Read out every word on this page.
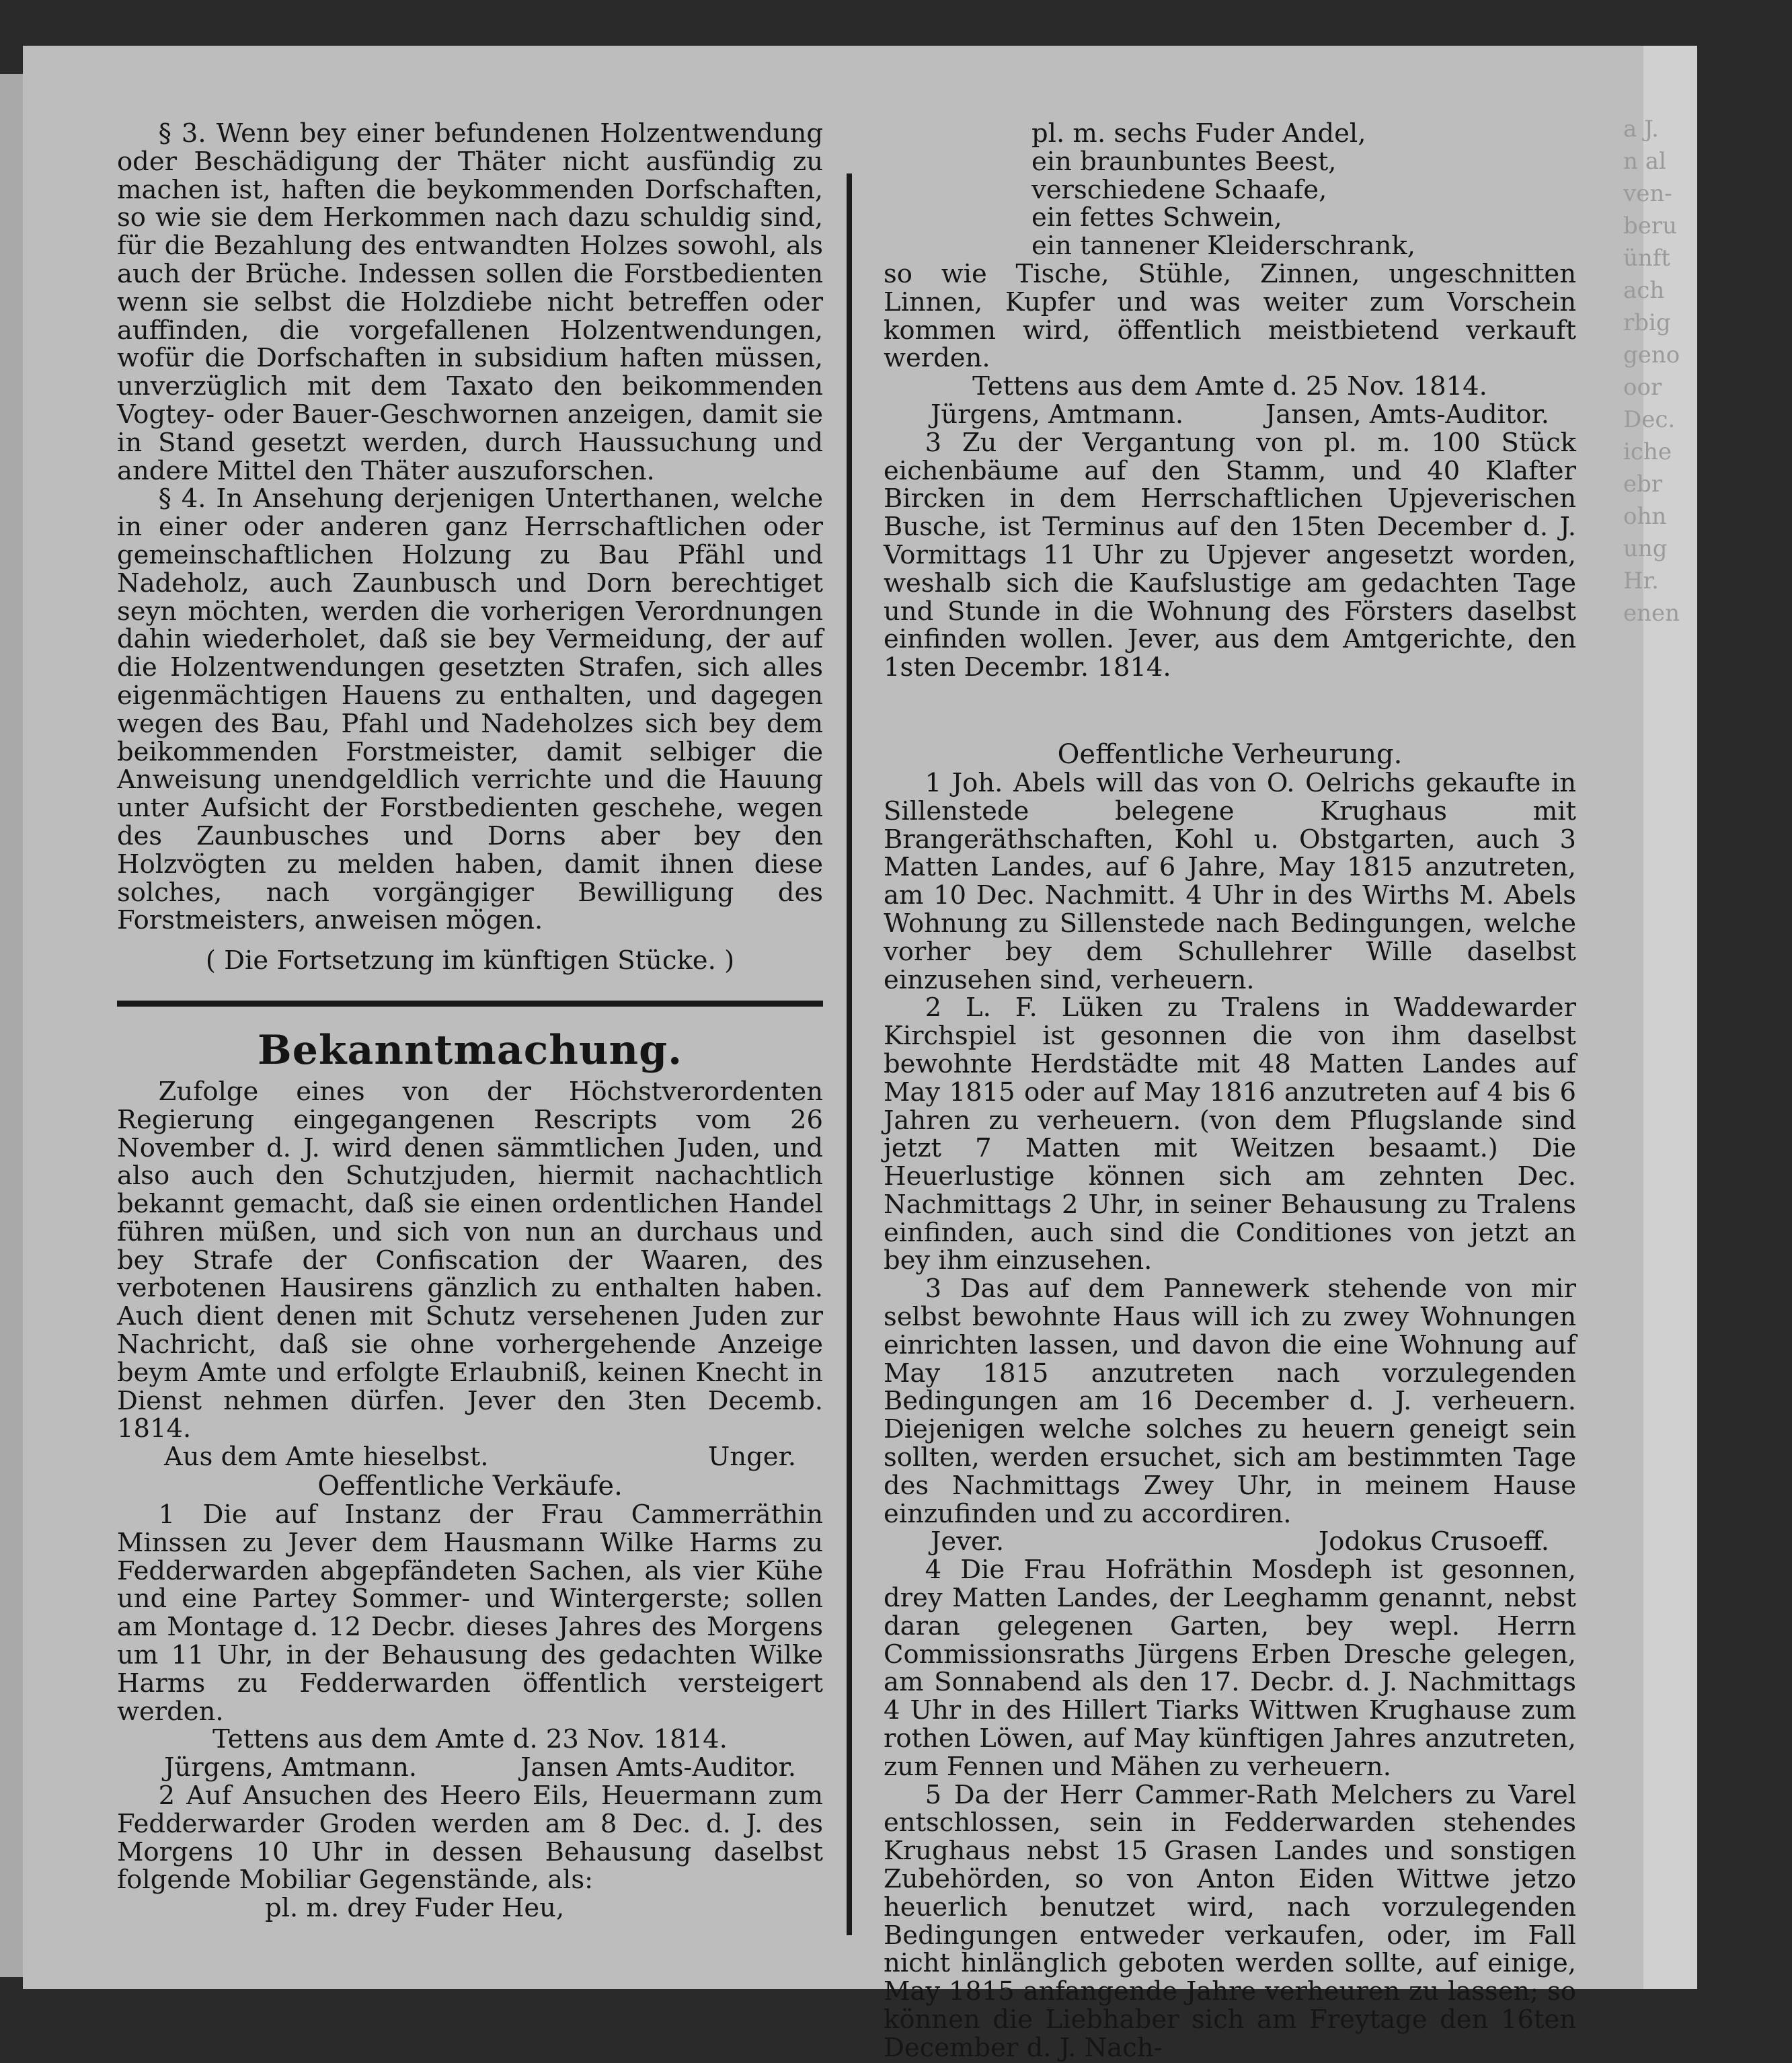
a J.
n al
ven-
beru
ünft
ach
rbig
geno
oor
Dec.
iche
ebr
ohn
ung
Hr.
enen

§ 3. Wenn bey einer befundenen Holzentwendung oder Beschädigung der Thäter nicht ausfündig zu machen ist, haften die beykommenden Dorfschaften, so wie sie dem Herkommen nach dazu schuldig sind, für die Bezahlung des entwandten Holzes sowohl, als auch der Brüche. Indessen sollen die Forstbedienten wenn sie selbst die Holzdiebe nicht betreffen oder auffinden, die vorgefallenen Holzentwendungen, wofür die Dorfschaften in subsidium haften müssen, unverzüglich mit dem Taxato den beikommenden Vogtey- oder Bauer-Geschwornen anzeigen, damit sie in Stand gesetzt werden, durch Haussuchung und andere Mittel den Thäter auszuforschen.

§ 4. In Ansehung derjenigen Unterthanen, welche in einer oder anderen ganz Herrschaftlichen oder gemeinschaftlichen Holzung zu Bau Pfähl und Nadeholz, auch Zaunbusch und Dorn berechtiget seyn möchten, werden die vorherigen Verordnungen dahin wiederholet, daß sie bey Vermeidung, der auf die Holzentwendungen gesetzten Strafen, sich alles eigenmächtigen Hauens zu enthalten, und dagegen wegen des Bau, Pfahl und Nadeholzes sich bey dem beikommenden Forstmeister, damit selbiger die Anweisung unendgeldlich verrichte und die Hauung unter Aufsicht der Forstbedienten geschehe, wegen des Zaunbusches und Dorns aber bey den Holzvögten zu melden haben, damit ihnen diese solches, nach vorgängiger Bewilligung des Forstmeisters, anweisen mögen.

( Die Fortsetzung im künftigen Stücke. )
Bekanntmachung.

Zufolge eines von der Höchstverordenten Regierung eingegangenen Rescripts vom 26 November d. J. wird denen sämmtlichen Juden, und also auch den Schutzjuden, hiermit nachachtlich bekannt gemacht, daß sie einen ordentlichen Handel führen müßen, und sich von nun an durchaus und bey Strafe der Confiscation der Waaren, des verbotenen Hausirens gänzlich zu enthalten haben. Auch dient denen mit Schutz versehenen Juden zur Nachricht, daß sie ohne vorhergehende Anzeige beym Amte und erfolgte Erlaubniß, keinen Knecht in Dienst nehmen dürfen. Jever den 3ten Decemb. 1814.

Aus dem Amte hieselbst.	Unger.
Oeffentliche Verkäufe.

1 Die auf Instanz der Frau Cammerräthin Minssen zu Jever dem Hausmann Wilke Harms zu Fedderwarden abgepfändeten Sachen, als vier Kühe und eine Partey Sommer- und Wintergerste; sollen am Montage d. 12 Decbr. dieses Jahres des Morgens um 11 Uhr, in der Behausung des gedachten Wilke Harms zu Fedderwarden öffentlich versteigert werden.

Tettens aus dem Amte d. 23 Nov. 1814.
Jürgens, Amtmann.	Jansen Amts-Auditor.

2 Auf Ansuchen des Heero Eils, Heuermann zum Fedderwarder Groden werden am 8 Dec. d. J. des Morgens 10 Uhr in dessen Behausung daselbst folgende Mobiliar Gegenstände, als:

pl. m. drey Fuder Heu,
pl. m. sechs Fuder Andel,
ein braunbuntes Beest,
verschiedene Schaafe,
ein fettes Schwein,
ein tannener Kleiderschrank,

so wie Tische, Stühle, Zinnen, ungeschnitten Linnen, Kupfer und was weiter zum Vorschein kommen wird, öffentlich meistbietend verkauft werden.

Tettens aus dem Amte d. 25 Nov. 1814.
Jürgens, Amtmann.	Jansen, Amts-Auditor.

3 Zu der Vergantung von pl. m. 100 Stück eichenbäume auf den Stamm, und 40 Klafter Bircken in dem Herrschaftlichen Upjeverischen Busche, ist Terminus auf den 15ten December d. J. Vormittags 11 Uhr zu Upjever angesetzt worden, weshalb sich die Kaufslustige am gedachten Tage und Stunde in die Wohnung des Försters daselbst einfinden wollen. Jever, aus dem Amtgerichte, den 1sten Decembr. 1814.

Oeffentliche Verheurung.

1 Joh. Abels will das von O. Oelrichs gekaufte in Sillenstede belegene Krughaus mit Brangeräthschaften, Kohl u. Obstgarten, auch 3 Matten Landes, auf 6 Jahre, May 1815 anzutreten, am 10 Dec. Nachmitt. 4 Uhr in des Wirths M. Abels Wohnung zu Sillenstede nach Bedingungen, welche vorher bey dem Schullehrer Wille daselbst einzusehen sind, verheuern.

2 L. F. Lüken zu Tralens in Waddewarder Kirchspiel ist gesonnen die von ihm daselbst bewohnte Herdstädte mit 48 Matten Landes auf May 1815 oder auf May 1816 anzutreten auf 4 bis 6 Jahren zu verheuern. (von dem Pflugslande sind jetzt 7 Matten mit Weitzen besaamt.) Die Heuerlustige können sich am zehnten Dec. Nachmittags 2 Uhr, in seiner Behausung zu Tralens einfinden, auch sind die Conditiones von jetzt an bey ihm einzusehen.

3 Das auf dem Pannewerk stehende von mir selbst bewohnte Haus will ich zu zwey Wohnungen einrichten lassen, und davon die eine Wohnung auf May 1815 anzutreten nach vorzulegenden Bedingungen am 16 December d. J. verheuern. Diejenigen welche solches zu heuern geneigt sein sollten, werden ersuchet, sich am bestimmten Tage des Nachmittags Zwey Uhr, in meinem Hause einzufinden und zu accordiren.

Jever.	Jodokus Crusoeff.

4 Die Frau Hofräthin Mosdeph ist gesonnen, drey Matten Landes, der Leeghamm genannt, nebst daran gelegenen Garten, bey wepl. Herrn Commissionsraths Jürgens Erben Dresche gelegen, am Sonnabend als den 17. Decbr. d. J. Nachmittags 4 Uhr in des Hillert Tiarks Wittwen Krughause zum rothen Löwen, auf May künftigen Jahres anzutreten, zum Fennen und Mähen zu verheuern.

5 Da der Herr Cammer-Rath Melchers zu Varel entschlossen, sein in Fedderwarden stehendes Krughaus nebst 15 Grasen Landes und sonstigen Zubehörden, so von Anton Eiden Wittwe jetzo heuerlich benutzet wird, nach vorzulegenden Bedingungen entweder verkaufen, oder, im Fall nicht hinlänglich geboten werden sollte, auf einige, May 1815 anfangende Jahre verheuren zu lassen; so können die Liebhaber sich am Freytage den 16ten December d. J. Nach-
